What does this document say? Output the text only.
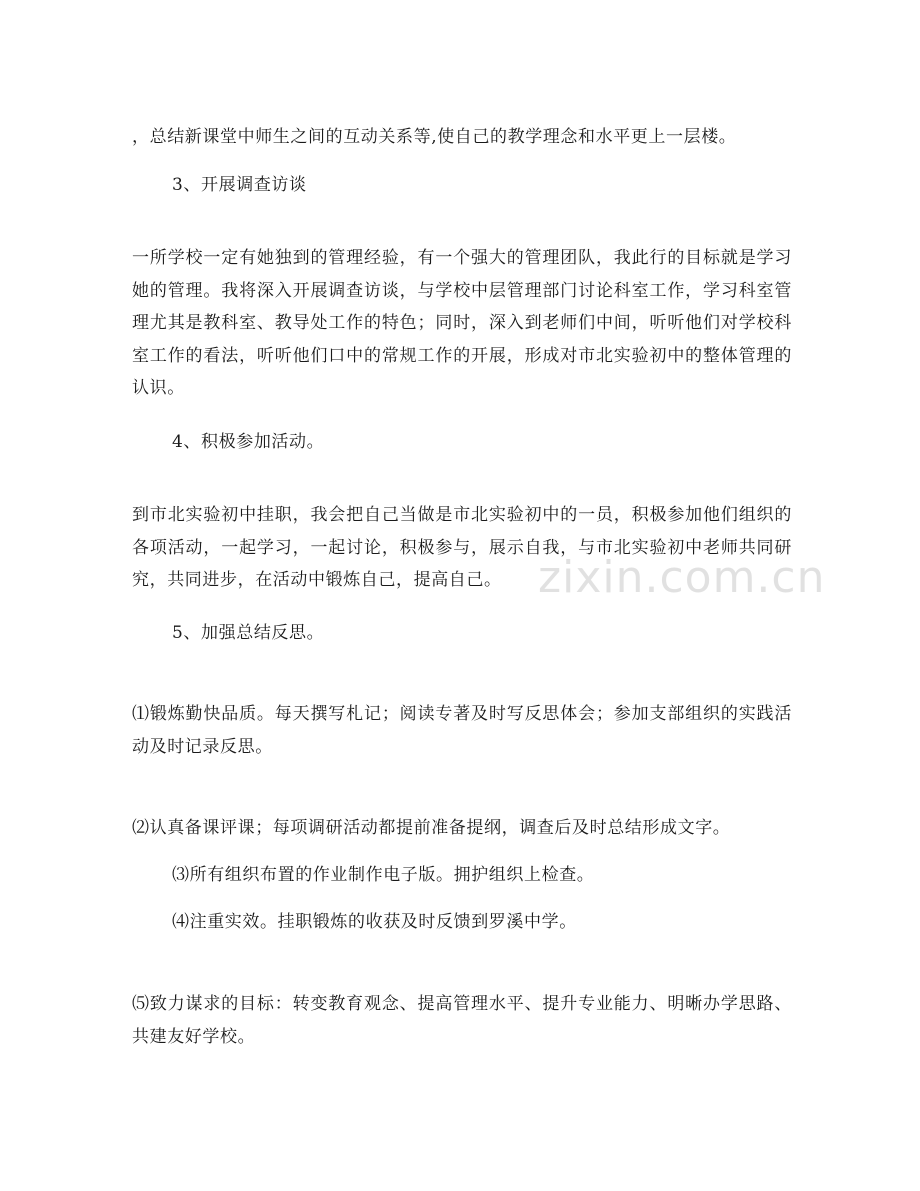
，总结新课堂中师生之间的互动关系等,使自己的教学理念和水平更上一层楼。

3、开展调查访谈

一所学校一定有她独到的管理经验，有一个强大的管理团队，我此行的目标就是学习她的管理。我将深入开展调查访谈，与学校中层管理部门讨论科室工作，学习科室管理尤其是教科室、教导处工作的特色；同时，深入到老师们中间，听听他们对学校科室工作的看法，听听他们口中的常规工作的开展，形成对市北实验初中的整体管理的认识。

4、积极参加活动。

到市北实验初中挂职，我会把自己当做是市北实验初中的一员，积极参加他们组织的各项活动，一起学习，一起讨论，积极参与，展示自我，与市北实验初中老师共同研究，共同进步，在活动中锻炼自己，提高自己。 zixin.com.cn

5、加强总结反思。

⑴锻炼勤快品质。每天撰写札记；阅读专著及时写反思体会；参加支部组织的实践活动及时记录反思。

⑵认真备课评课；每项调研活动都提前准备提纲，调查后及时总结形成文字。

⑶所有组织布置的作业制作电子版。拥护组织上检查。

⑷注重实效。挂职锻炼的收获及时反馈到罗溪中学。

⑸致力谋求的目标：转变教育观念、提高管理水平、提升专业能力、明晰办学思路、共建友好学校。
